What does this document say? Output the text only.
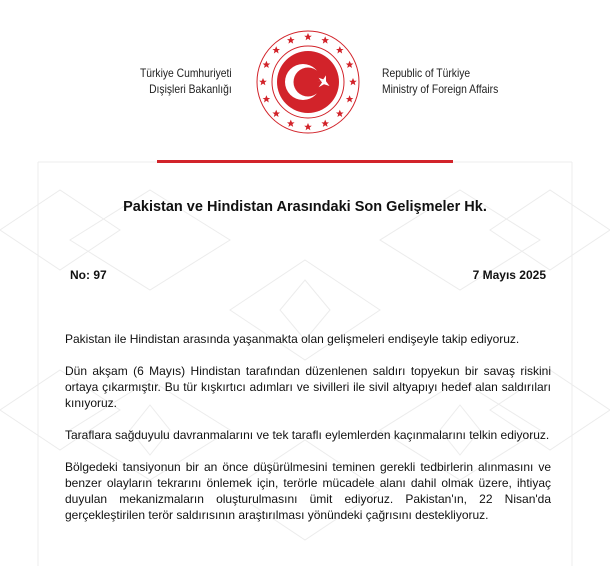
Türkiye Cumhuriyeti
Dışişleri Bakanlığı
Republic of Türkiye
Ministry of Foreign Affairs
Pakistan ve Hindistan Arasındaki Son Gelişmeler Hk.
No: 97	7 Mayıs 2025

Pakistan ile Hindistan arasında yaşanmakta olan gelişmeleri endişeyle takip ediyoruz.

Dün akşam (6 Mayıs) Hindistan tarafından düzenlenen saldırı topyekun bir savaş riskini ortaya çıkarmıştır. Bu tür kışkırtıcı adımları ve sivilleri ile sivil altyapıyı hedef alan saldırıları kınıyoruz.

Taraflara sağduyulu davranmalarını ve tek taraflı eylemlerden kaçınmalarını telkin ediyoruz.

Bölgedeki tansiyonun bir an önce düşürülmesini teminen gerekli tedbirlerin alınmasını ve benzer olayların tekrarını önlemek için, terörle mücadele alanı dahil olmak üzere, ihtiyaç duyulan mekanizmaların oluşturulmasını ümit ediyoruz. Pakistan'ın, 22 Nisan'da gerçekleştirilen terör saldırısının araştırılması yönündeki çağrısını destekliyoruz.
